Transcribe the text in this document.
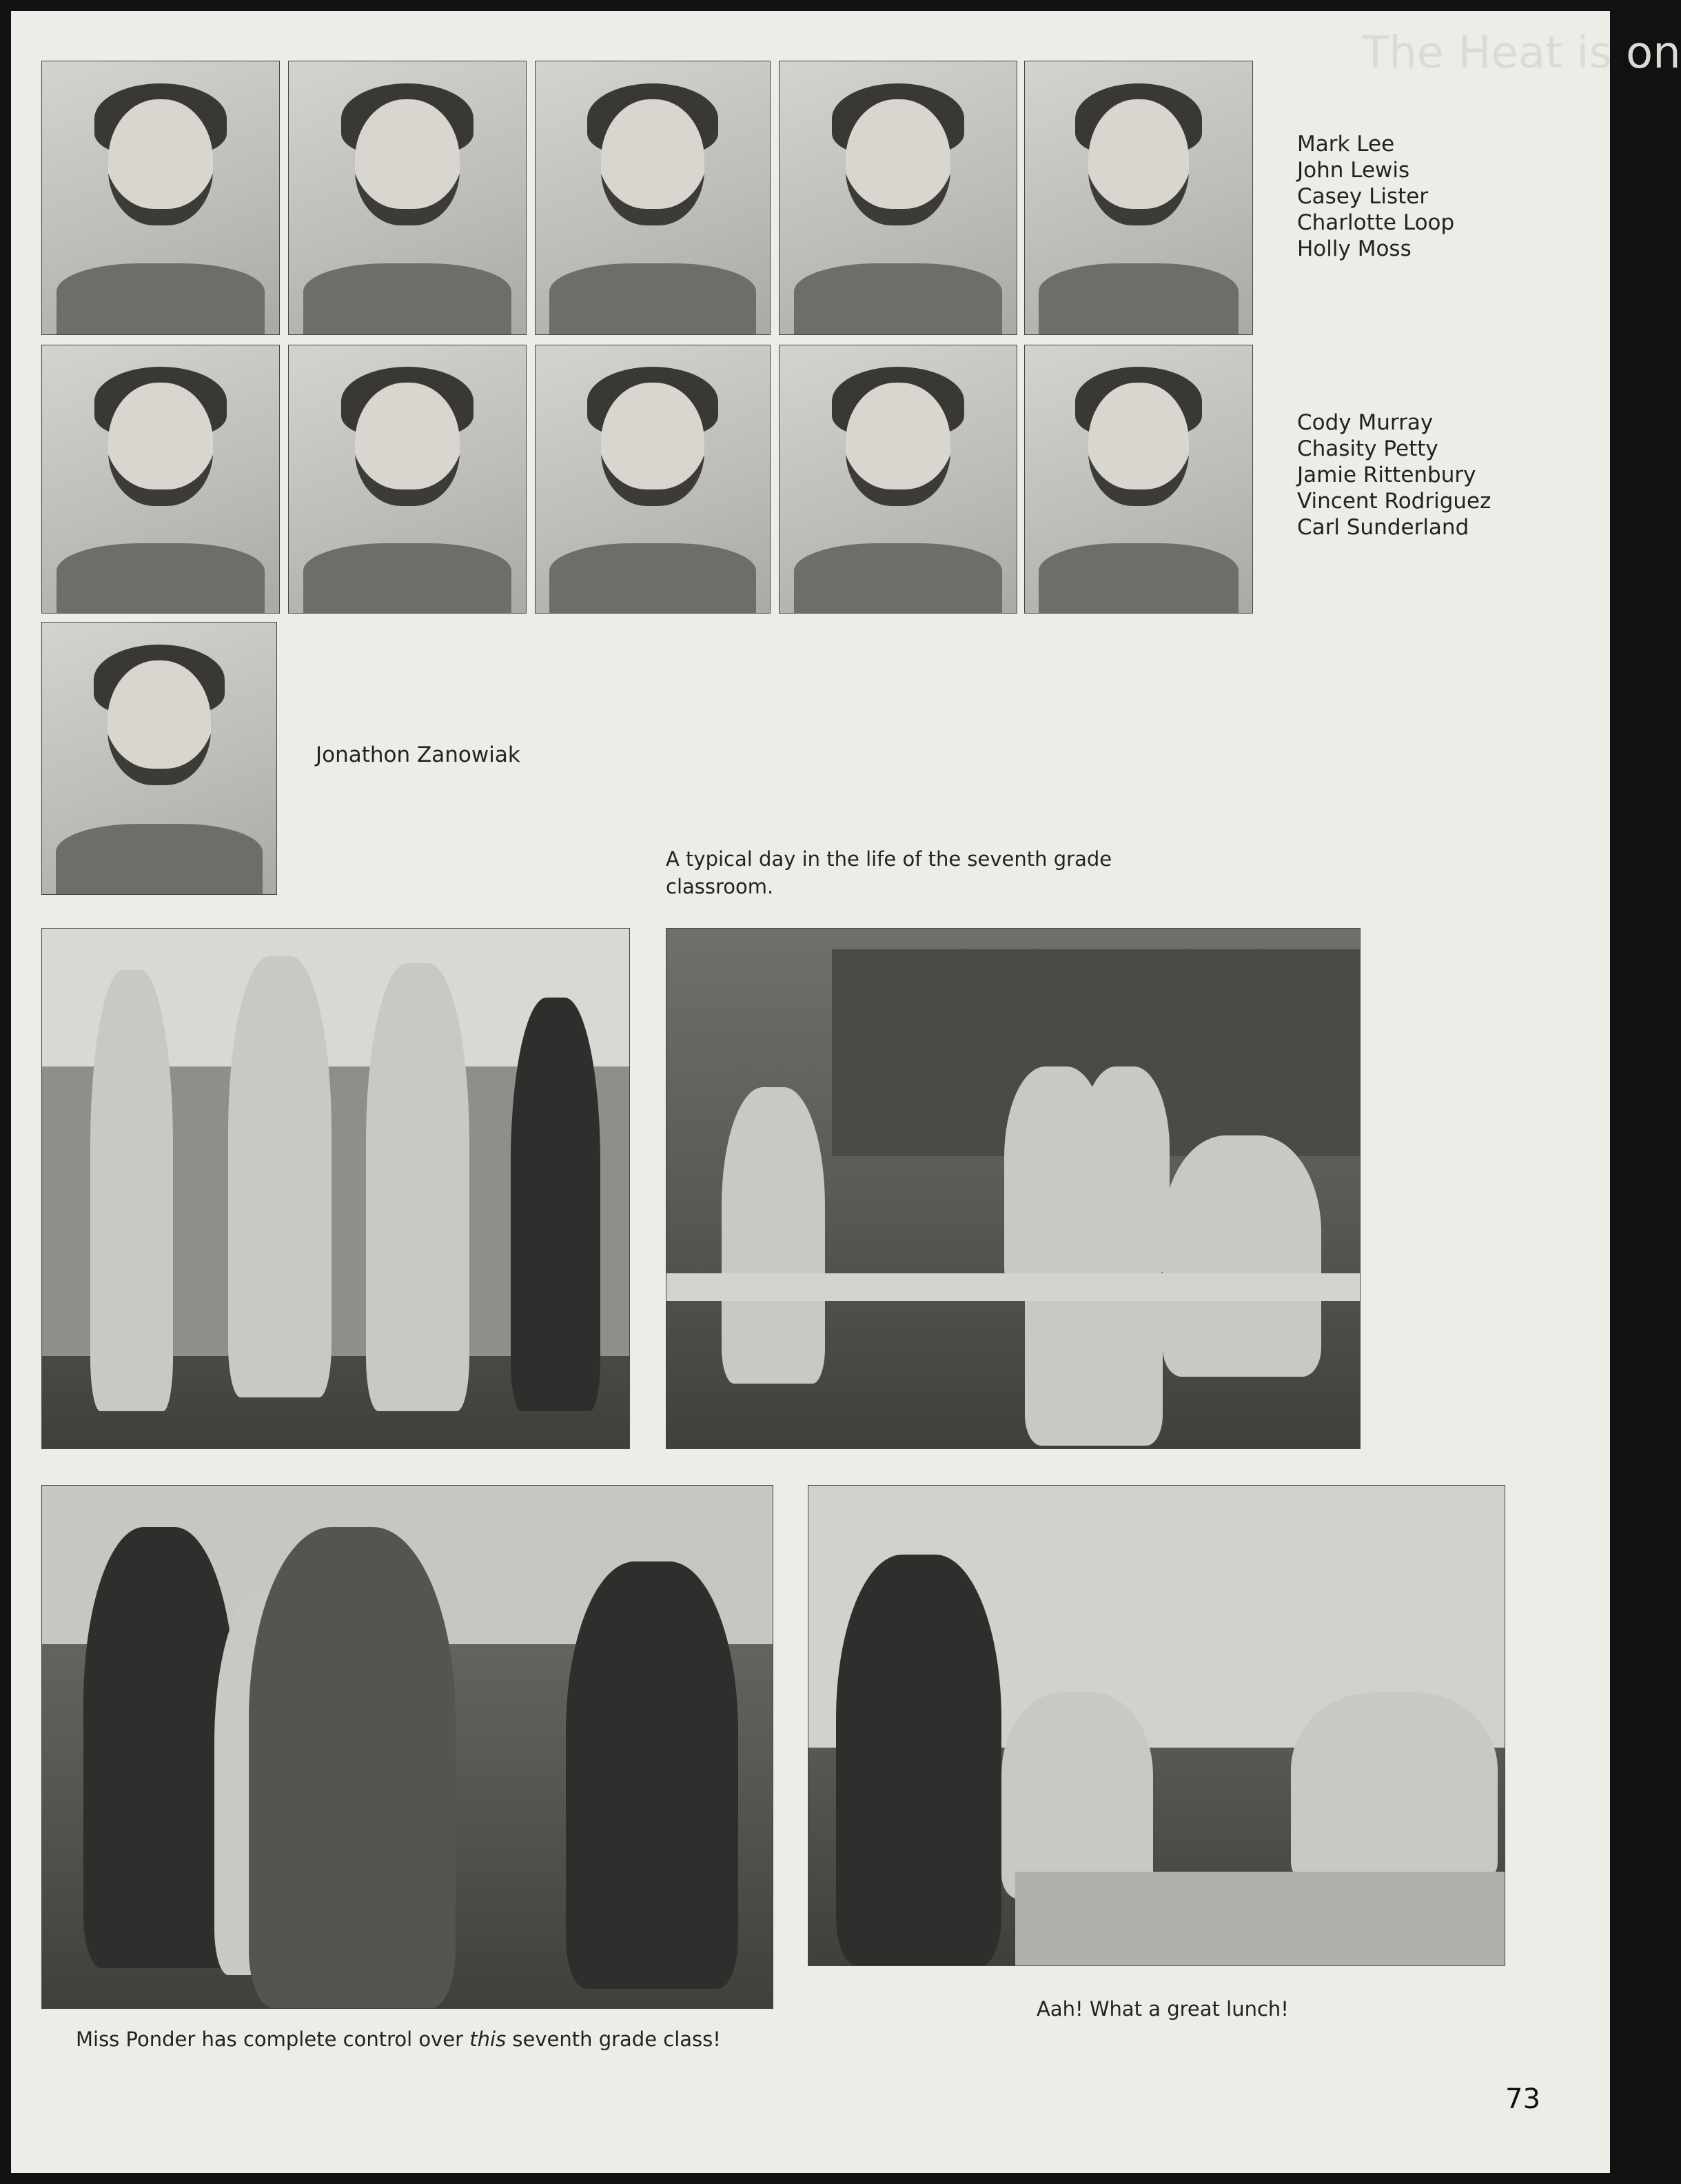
The Heat is on
Mark Lee
John Lewis
Casey Lister
Charlotte Loop
Holly Moss
Cody Murray
Chasity Petty
Jamie Rittenbury
Vincent Rodriguez
Carl Sunderland
Jonathon Zanowiak
A typical day in the life of the seventh grade classroom.
Miss Ponder has complete control over this seventh grade class!
Aah! What a great lunch!
73
